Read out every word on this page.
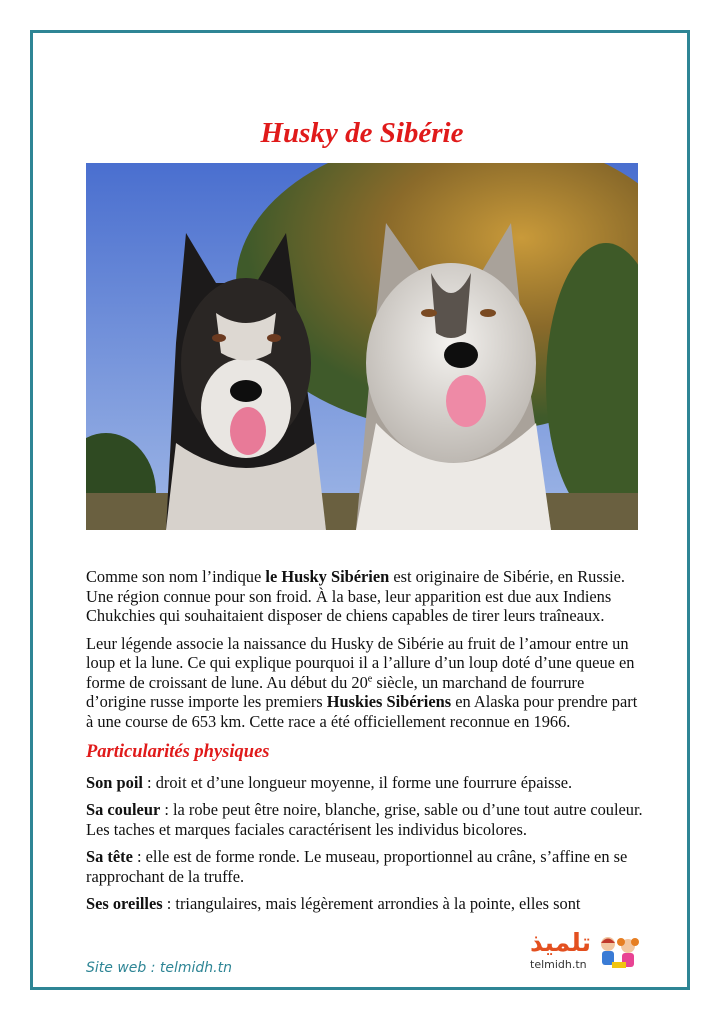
Husky de Sibérie

Comme son nom l’indique le Husky Sibérien est originaire de Sibérie, en Russie. Une région connue pour son froid. À la base, leur apparition est due aux Indiens Chukchies qui souhaitaient disposer de chiens capables de tirer leurs traîneaux.

Leur légende associe la naissance du Husky de Sibérie au fruit de l’amour entre un loup et la lune. Ce qui explique pourquoi il a l’allure d’un loup doté d’une queue en forme de croissant de lune. Au début du 20e siècle, un marchand de fourrure d’origine russe importe les premiers Huskies Sibériens en Alaska pour prendre part à une course de 653 km. Cette race a été officiellement reconnue en 1966.

Particularités physiques

Son poil : droit et d’une longueur moyenne, il forme une fourrure épaisse.

Sa couleur : la robe peut être noire, blanche, grise, sable ou d’une tout autre couleur. Les taches et marques faciales caractérisent les individus bicolores.

Sa tête : elle est de forme ronde. Le museau, proportionnel au crâne, s’affine en se rapprochant de la truffe.

Ses oreilles : triangulaires, mais légèrement arrondies à la pointe, elles sont

Site web : telmidh.tn
تلميذ
telmidh.tn
